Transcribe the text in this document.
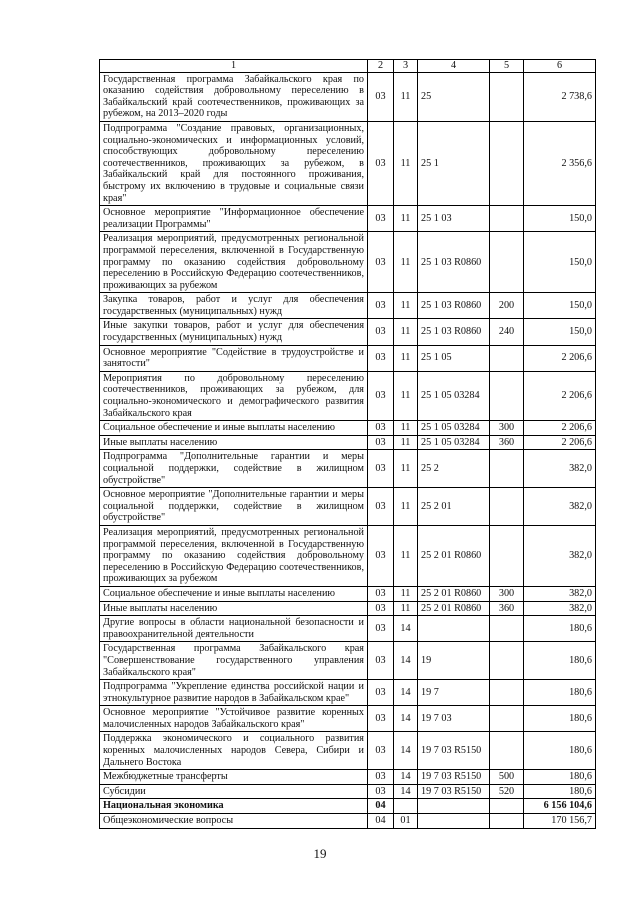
1	2	3	4	5	6
Государственная программа Забайкальского края по оказанию содействия добровольному переселению в Забайкальский край соотечественников, проживающих за рубежом, на 2013–2020 годы	03	11	25		2 738,6
Подпрограмма "Создание правовых, организационных, социально-экономических и информационных условий, способствующих добровольному переселению соотечественников, проживающих за рубежом, в Забайкальский край для постоянного проживания, быстрому их включению в трудовые и социальные связи края"	03	11	25 1		2 356,6
Основное мероприятие "Информационное обеспечение реализации Программы"	03	11	25 1 03		150,0
Реализация мероприятий, предусмотренных региональной программой переселения, включенной в Государственную программу по оказанию содействия добровольному переселению в Российскую Федерацию соотечественников, проживающих за рубежом	03	11	25 1 03 R0860		150,0
Закупка товаров, работ и услуг для обеспечения государственных (муниципальных) нужд	03	11	25 1 03 R0860	200	150,0
Иные закупки товаров, работ и услуг для обеспечения государственных (муниципальных) нужд	03	11	25 1 03 R0860	240	150,0
Основное мероприятие "Содействие в трудоустройстве и занятости"	03	11	25 1 05		2 206,6
Мероприятия по добровольному переселению соотечественников, проживающих за рубежом, для социально-экономического и демографического развития Забайкальского края	03	11	25 1 05 03284		2 206,6
Социальное обеспечение и иные выплаты населению	03	11	25 1 05 03284	300	2 206,6
Иные выплаты населению	03	11	25 1 05 03284	360	2 206,6
Подпрограмма "Дополнительные гарантии и меры социальной поддержки, содействие в жилищном обустройстве"	03	11	25 2		382,0
Основное мероприятие "Дополнительные гарантии и меры социальной поддержки, содействие в жилищном обустройстве"	03	11	25 2 01		382,0
Реализация мероприятий, предусмотренных региональной программой переселения, включенной в Государственную программу по оказанию содействия добровольному переселению в Российскую Федерацию соотечественников, проживающих за рубежом	03	11	25 2 01 R0860		382,0
Социальное обеспечение и иные выплаты населению	03	11	25 2 01 R0860	300	382,0
Иные выплаты населению	03	11	25 2 01 R0860	360	382,0
Другие вопросы в области национальной безопасности и правоохранительной деятельности	03	14			180,6
Государственная программа Забайкальского края "Совершенствование государственного управления Забайкальского края"	03	14	19		180,6
Подпрограмма "Укрепление единства российской нации и этнокультурное развитие народов в Забайкальском крае"	03	14	19 7		180,6
Основное мероприятие "Устойчивое развитие коренных малочисленных народов Забайкальского края"	03	14	19 7 03		180,6
Поддержка экономического и социального развития коренных малочисленных народов Севера, Сибири и Дальнего Востока	03	14	19 7 03 R5150		180,6
Межбюджетные трансферты	03	14	19 7 03 R5150	500	180,6
Субсидии	03	14	19 7 03 R5150	520	180,6
Национальная экономика	04				6 156 104,6
Общеэкономические вопросы	04	01			170 156,7
19
